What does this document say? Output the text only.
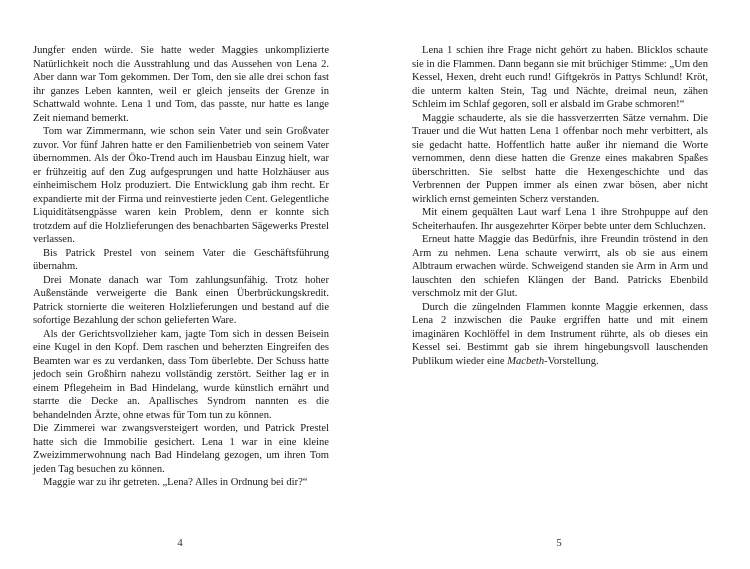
Jungfer enden würde. Sie hatte weder Maggies unkomplizierte Natürlichkeit noch die Ausstrahlung und das Aussehen von Lena 2. Aber dann war Tom gekommen. Der Tom, den sie alle drei schon fast ihr ganzes Leben kannten, weil er gleich jenseits der Grenze in Schattwald wohnte. Lena 1 und Tom, das passte, nur hatte es lange Zeit niemand bemerkt.

Tom war Zimmermann, wie schon sein Vater und sein Großvater zuvor. Vor fünf Jahren hatte er den Familienbetrieb von seinem Vater übernommen. Als der Öko-Trend auch im Hausbau Einzug hielt, war er frühzeitig auf den Zug aufgesprungen und hatte Holzhäuser aus einheimischem Holz produziert. Die Entwicklung gab ihm recht. Er expandierte mit der Firma und reinvestierte jeden Cent. Gelegentliche Liquiditätsengpässe waren kein Problem, denn er konnte sich trotzdem auf die Holzlieferungen des benachbarten Sägewerks Prestel verlassen.

Bis Patrick Prestel von seinem Vater die Geschäftsführung übernahm.

Drei Monate danach war Tom zahlungsunfähig. Trotz hoher Außenstände verweigerte die Bank einen Überbrückungskredit. Patrick stornierte die weiteren Holzlieferungen und bestand auf die sofortige Bezahlung der schon gelieferten Ware.

Als der Gerichtsvollzieher kam, jagte Tom sich in dessen Beisein eine Kugel in den Kopf. Dem raschen und beherzten Eingreifen des Beamten war es zu verdanken, dass Tom überlebte. Der Schuss hatte jedoch sein Großhirn nahezu vollständig zerstört. Seither lag er in einem Pflegeheim in Bad Hindelang, wurde künstlich ernährt und starrte die Decke an. Apallisches Syndrom nannten es die behandelnden Ärzte, ohne etwas für Tom tun zu können.

Die Zimmerei war zwangsversteigert worden, und Patrick Prestel hatte sich die Immobilie gesichert. Lena 1 war in eine kleine Zweizimmerwohnung nach Bad Hindelang gezogen, um ihren Tom jeden Tag besuchen zu können.

Maggie war zu ihr getreten. „Lena? Alles in Ordnung bei dir?“

4

Lena 1 schien ihre Frage nicht gehört zu haben. Blicklos schaute sie in die Flammen. Dann begann sie mit brüchiger Stimme: „Um den Kessel, Hexen, dreht euch rund! Giftgekrös in Pattys Schlund! Kröt, die unterm kalten Stein, Tag und Nächte, dreimal neun, zähen Schleim im Schlaf gegoren, soll er alsbald im Grabe schmoren!“

Maggie schauderte, als sie die hassverzerrten Sätze vernahm. Die Trauer und die Wut hatten Lena 1 offenbar noch mehr verbittert, als sie gedacht hatte. Hoffentlich hatte außer ihr niemand die Worte vernommen, denn diese hatten die Grenze eines makabren Spaßes überschritten. Sie selbst hatte die Hexengeschichte und das Verbrennen der Puppen immer als einen zwar bösen, aber nicht wirklich ernst gemeinten Scherz verstanden.

Mit einem gequälten Laut warf Lena 1 ihre Strohpuppe auf den Scheiterhaufen. Ihr ausgezehrter Körper bebte unter dem Schluchzen.

Erneut hatte Maggie das Bedürfnis, ihre Freundin tröstend in den Arm zu nehmen. Lena schaute verwirrt, als ob sie aus einem Albtraum erwachen würde. Schweigend standen sie Arm in Arm und lauschten den schiefen Klängen der Band. Patricks Ebenbild verschmolz mit der Glut.

Durch die züngelnden Flammen konnte Maggie erkennen, dass Lena 2 inzwischen die Pauke ergriffen hatte und mit einem imaginären Kochlöffel in dem Instrument rührte, als ob dieses ein Kessel sei. Bestimmt gab sie ihrem hingebungsvoll lauschenden Publikum wieder eine Macbeth-Vorstellung.

5
